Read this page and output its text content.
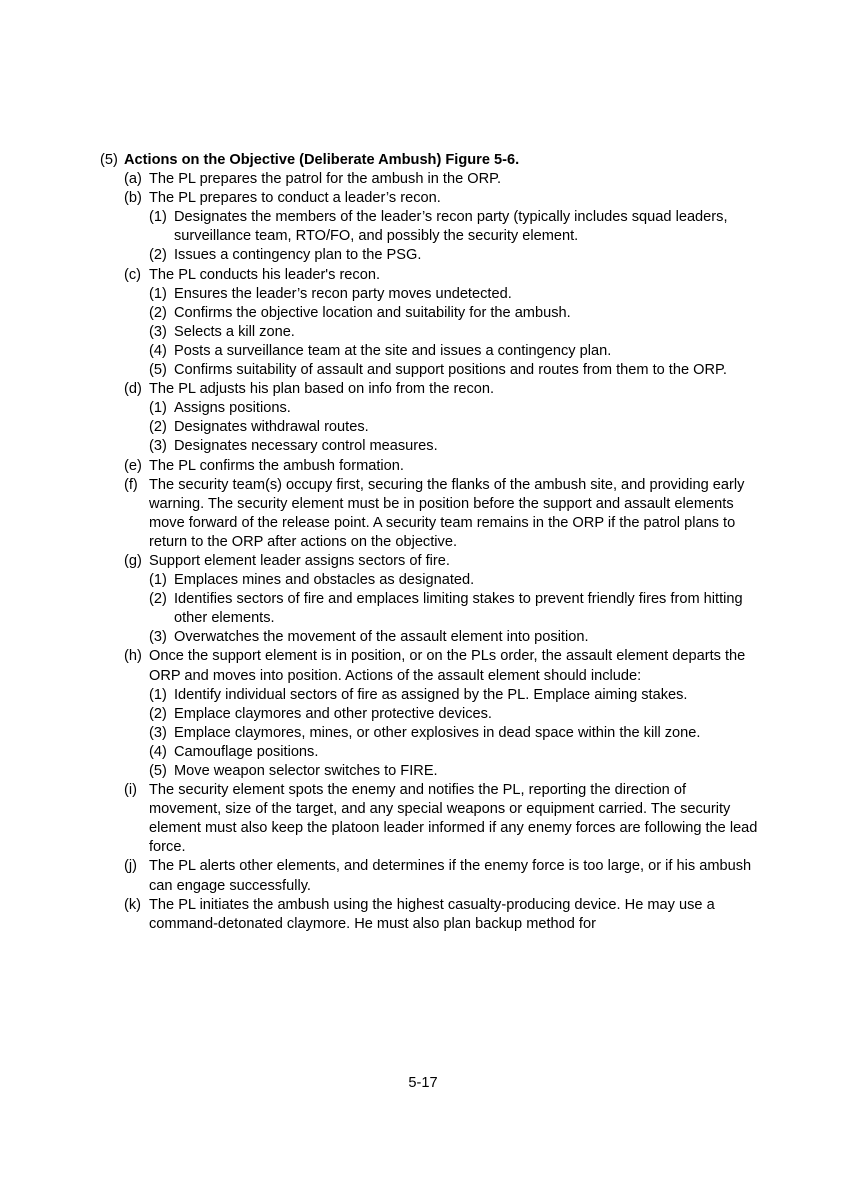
(5) Actions on the Objective (Deliberate Ambush) Figure 5-6.
(a) The PL prepares the patrol for the ambush in the ORP.
(b) The PL prepares to conduct a leader’s recon.
(1) Designates the members of the leader’s recon party (typically includes squad leaders, surveillance team, RTO/FO, and possibly the security element.
(2) Issues a contingency plan to the PSG.
(c) The PL conducts his leader's recon.
(1) Ensures the leader’s recon party moves undetected.
(2) Confirms the objective location and suitability for the ambush.
(3) Selects a kill zone.
(4) Posts a surveillance team at the site and issues a contingency plan.
(5) Confirms suitability of assault and support positions and routes from them to the ORP.
(d) The PL adjusts his plan based on info from the recon.
(1) Assigns positions.
(2) Designates withdrawal routes.
(3) Designates necessary control measures.
(e) The PL confirms the ambush formation.
(f) The security team(s) occupy first, securing the flanks of the ambush site, and providing early warning. The security element must be in position before the support and assault elements move forward of the release point. A security team remains in the ORP if the patrol plans to return to the ORP after actions on the objective.
(g) Support element leader assigns sectors of fire.
(1) Emplaces mines and obstacles as designated.
(2) Identifies sectors of fire and emplaces limiting stakes to prevent friendly fires from hitting other elements.
(3) Overwatches the movement of the assault element into position.
(h) Once the support element is in position, or on the PLs order, the assault element departs the ORP and moves into position. Actions of the assault element should include:
(1) Identify individual sectors of fire as assigned by the PL. Emplace aiming stakes.
(2) Emplace claymores and other protective devices.
(3) Emplace claymores, mines, or other explosives in dead space within the kill zone.
(4) Camouflage positions.
(5) Move weapon selector switches to FIRE.
(i) The security element spots the enemy and notifies the PL, reporting the direction of movement, size of the target, and any special weapons or equipment carried. The security element must also keep the platoon leader informed if any enemy forces are following the lead force.
(j) The PL alerts other elements, and determines if the enemy force is too large, or if his ambush can engage successfully.
(k) The PL initiates the ambush using the highest casualty-producing device. He may use a command-detonated claymore. He must also plan backup method for
5-17
